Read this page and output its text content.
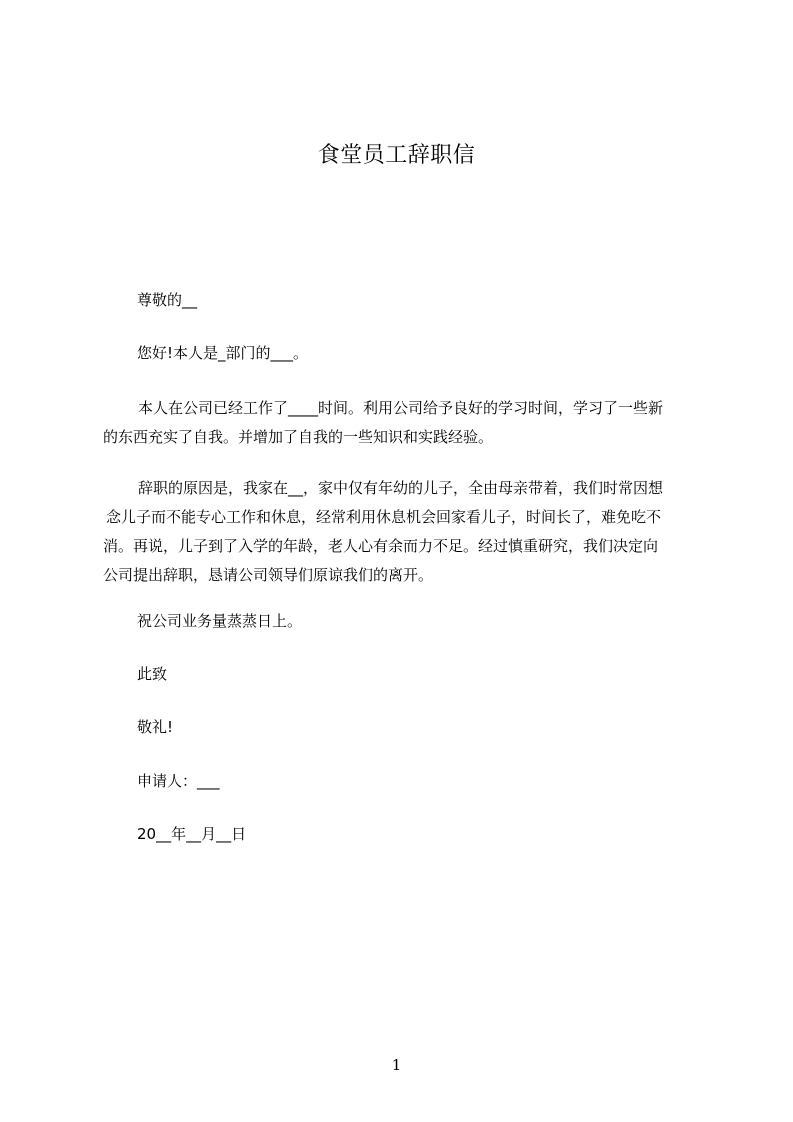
食堂员工辞职信
尊敬的__
您好!本人是_部门的___。
本人在公司已经工作了____时间。利用公司给予良好的学习时间，学习了一些新
的东西充实了自我。并增加了自我的一些知识和实践经验。
辞职的原因是，我家在__，家中仅有年幼的儿子，全由母亲带着，我们时常因想
念儿子而不能专心工作和休息，经常利用休息机会回家看儿子，时间长了，难免吃不
消。再说，儿子到了入学的年龄，老人心有余而力不足。经过慎重研究，我们决定向
公司提出辞职，恳请公司领导们原谅我们的离开。
祝公司业务量蒸蒸日上。
此致
敬礼!
申请人：___
20__年__月__日
1
